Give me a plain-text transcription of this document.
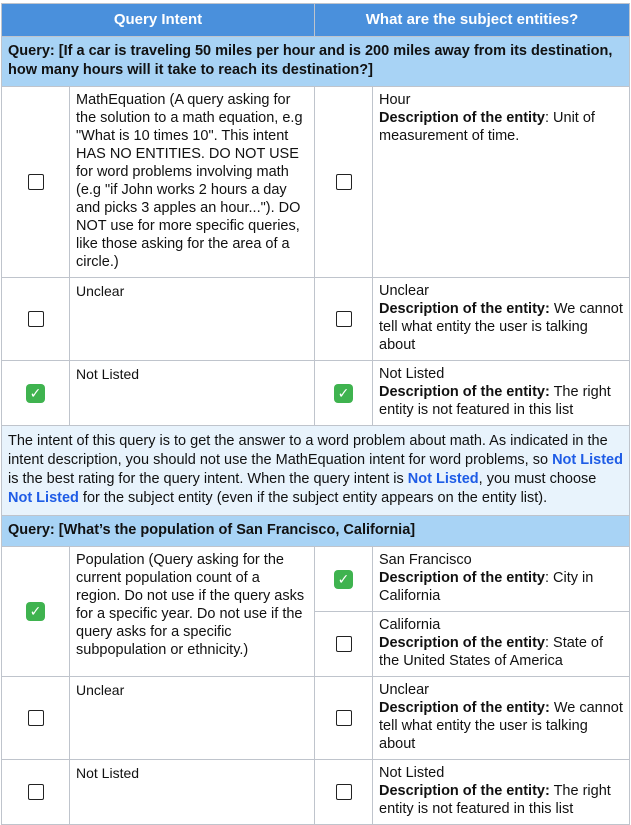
Query Intent		What are the subject entities?	
Query: [If a car is traveling 50 miles per hour and is 200 miles away from its destination, how many hours will it take to reach its destination?]			
	MathEquation (A query asking for the solution to a math equation, e.g "What is 10 times 10". This intent HAS NO ENTITIES. DO NOT USE for word problems involving math (e.g "if John works 2 hours a day and picks 3 apples an hour..."). DO NOT use for more specific queries, like those asking for the area of a circle.)		Hour
Description of the entity: Unit of measurement of time.

	Unclear		Unclear
Description of the entity: We cannot tell what entity the user is talking about

✓	Not Listed	✓	Not Listed
Description of the entity: The right entity is not featured in this list

The intent of this query is to get the answer to a word problem about math. As indicated in the intent description, you should not use the MathEquation intent for word problems, so Not Listed is the best rating for the query intent. When the query intent is Not Listed, you must choose Not Listed for the subject entity (even if the subject entity appears on the entity list).			
Query: [What’s the population of San Francisco, California]			
✓	Population (Query asking for the current population count of a region. Do not use if the query asks for a specific year. Do not use if the query asks for a specific subpopulation or ethnicity.)	✓	San Francisco
Description of the entity: City in California

			California
Description of the entity: State of the United States of America

	Unclear		Unclear
Description of the entity: We cannot tell what entity the user is talking about

	Not Listed		Not Listed
Description of the entity: The right entity is not featured in this list
